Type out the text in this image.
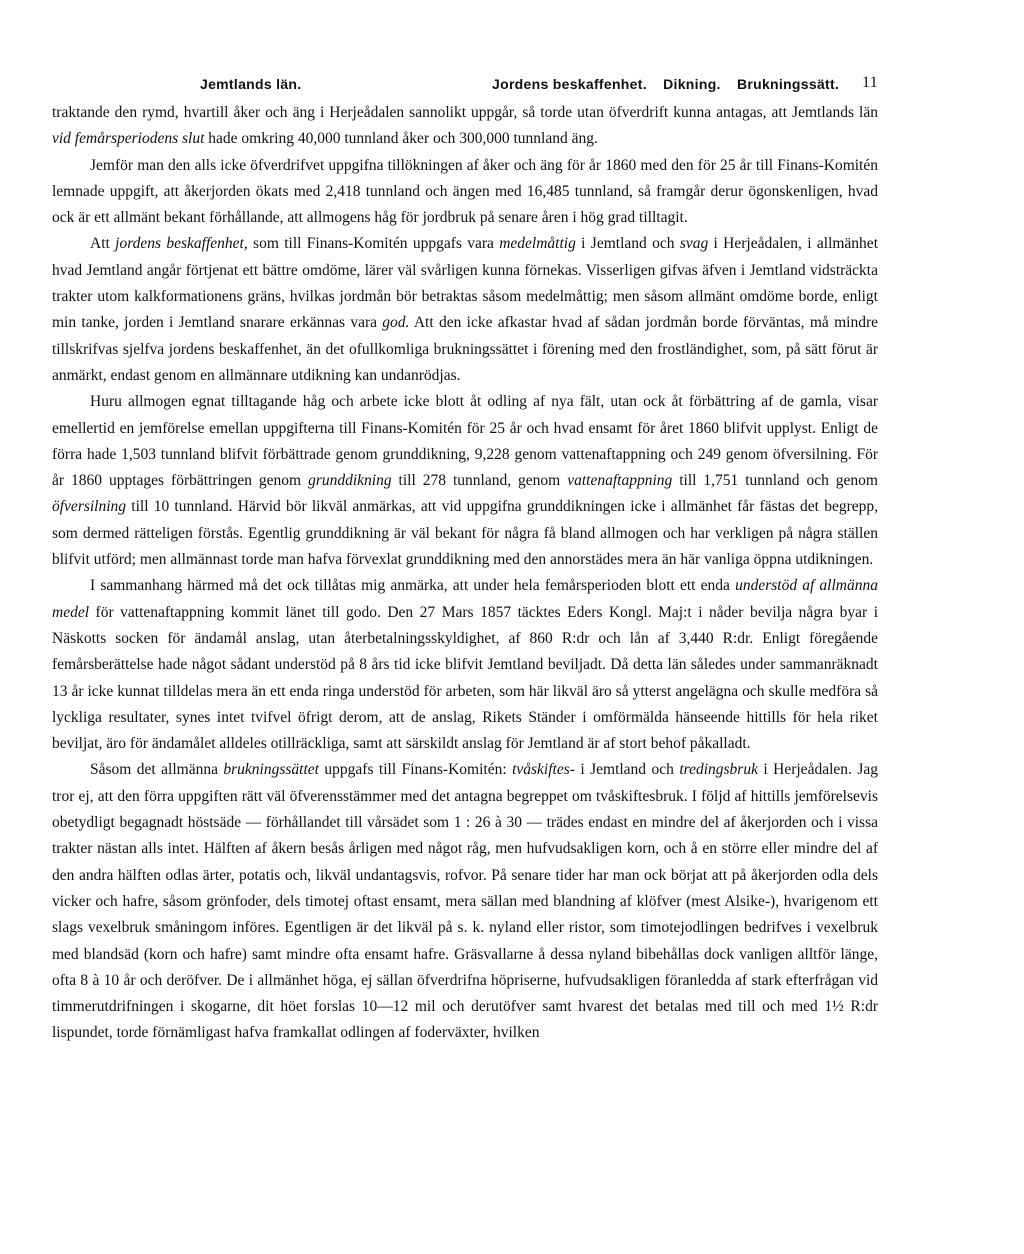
Jemtlands län.	Jordens beskaffenhet. Dikning. Brukningssätt.	11

traktande den rymd, hvartill åker och äng i Herjeådalen sannolikt uppgår, så torde utan öfverdrift kunna antagas, att Jemtlands län vid femårsperiodens slut hade omkring 40,000 tunnland åker och 300,000 tunnland äng.

Jemför man den alls icke öfverdrifvet uppgifna tillökningen af åker och äng för år 1860 med den för 25 år till Finans-Komitén lemnade uppgift, att åkerjorden ökats med 2,418 tunnland och ängen med 16,485 tunnland, så framgår derur ögonskenligen, hvad ock är ett allmänt bekant förhållande, att allmogens håg för jordbruk på senare åren i hög grad tilltagit.

Att jordens beskaffenhet, som till Finans-Komitén uppgafs vara medelmåttig i Jemtland och svag i Herjeådalen, i allmänhet hvad Jemtland angår förtjenat ett bättre omdöme, lärer väl svårligen kunna förnekas. Visserligen gifvas äfven i Jemtland vidsträckta trakter utom kalkformationens gräns, hvilkas jordmån bör betraktas såsom medelmåttig; men såsom allmänt omdöme borde, enligt min tanke, jorden i Jemtland snarare erkännas vara god. Att den icke afkastar hvad af sådan jordmån borde förväntas, må mindre tillskrifvas sjelfva jordens beskaffenhet, än det ofullkomliga brukningssättet i förening med den frostländighet, som, på sätt förut är anmärkt, endast genom en allmännare utdikning kan undanrödjas.

Huru allmogen egnat tilltagande håg och arbete icke blott åt odling af nya fält, utan ock åt förbättring af de gamla, visar emellertid en jemförelse emellan uppgifterna till Finans-Komitén för 25 år och hvad ensamt för året 1860 blifvit upplyst. Enligt de förra hade 1,503 tunnland blifvit förbättrade genom grunddikning, 9,228 genom vattenaftappning och 249 genom öfversilning. För år 1860 upptages förbättringen genom grunddikning till 278 tunnland, genom vattenaftappning till 1,751 tunnland och genom öfversilning till 10 tunnland. Härvid bör likväl anmärkas, att vid uppgifna grunddikningen icke i allmänhet får fästas det begrepp, som dermed rätteligen förstås. Egentlig grunddikning är väl bekant för några få bland allmogen och har verkligen på några ställen blifvit utförd; men allmännast torde man hafva förvexlat grunddikning med den annorstädes mera än här vanliga öppna utdikningen.

I sammanhang härmed må det ock tillåtas mig anmärka, att under hela femårsperioden blott ett enda understöd af allmänna medel för vattenaftappning kommit länet till godo. Den 27 Mars 1857 täcktes Eders Kongl. Maj:t i nåder bevilja några byar i Näskotts socken för ändamål anslag, utan återbetalningsskyldighet, af 860 R:dr och lån af 3,440 R:dr. Enligt föregående femårsberättelse hade något sådant understöd på 8 års tid icke blifvit Jemtland beviljadt. Då detta län således under sammanräknadt 13 år icke kunnat tilldelas mera än ett enda ringa understöd för arbeten, som här likväl äro så ytterst angelägna och skulle medföra så lyckliga resultater, synes intet tvifvel öfrigt derom, att de anslag, Rikets Ständer i omförmälda hänseende hittills för hela riket beviljat, äro för ändamålet alldeles otillräckliga, samt att särskildt anslag för Jemtland är af stort behof påkalladt.

Såsom det allmänna brukningssättet uppgafs till Finans-Komitén: tvåskiftes- i Jemtland och tredingsbruk i Herjeådalen. Jag tror ej, att den förra uppgiften rätt väl öfverensstämmer med det antagna begreppet om tvåskiftesbruk. I följd af hittills jemförelsevis obetydligt begagnadt höstsäde — förhållandet till vårsädet som 1 : 26 à 30 — trädes endast en mindre del af åkerjorden och i vissa trakter nästan alls intet. Hälften af åkern besås årligen med något råg, men hufvudsakligen korn, och å en större eller mindre del af den andra hälften odlas ärter, potatis och, likväl undantagsvis, rofvor. På senare tider har man ock börjat att på åkerjorden odla dels vicker och hafre, såsom grönfoder, dels timotej oftast ensamt, mera sällan med blandning af klöfver (mest Alsike-), hvarigenom ett slags vexelbruk småningom införes. Egentligen är det likväl på s. k. nyland eller ristor, som timotejodlingen bedrifves i vexelbruk med blandsäd (korn och hafre) samt mindre ofta ensamt hafre. Gräsvallarne å dessa nyland bibehållas dock vanligen alltför länge, ofta 8 à 10 år och deröfver. De i allmänhet höga, ej sällan öfverdrifna höpriserne, hufvudsakligen föranledda af stark efterfrågan vid timmerutdrifningen i skogarne, dit höet forslas 10—12 mil och derutöfver samt hvarest det betalas med till och med 1½ R:dr lispundet, torde förnämligast hafva framkallat odlingen af foderväxter, hvilken
